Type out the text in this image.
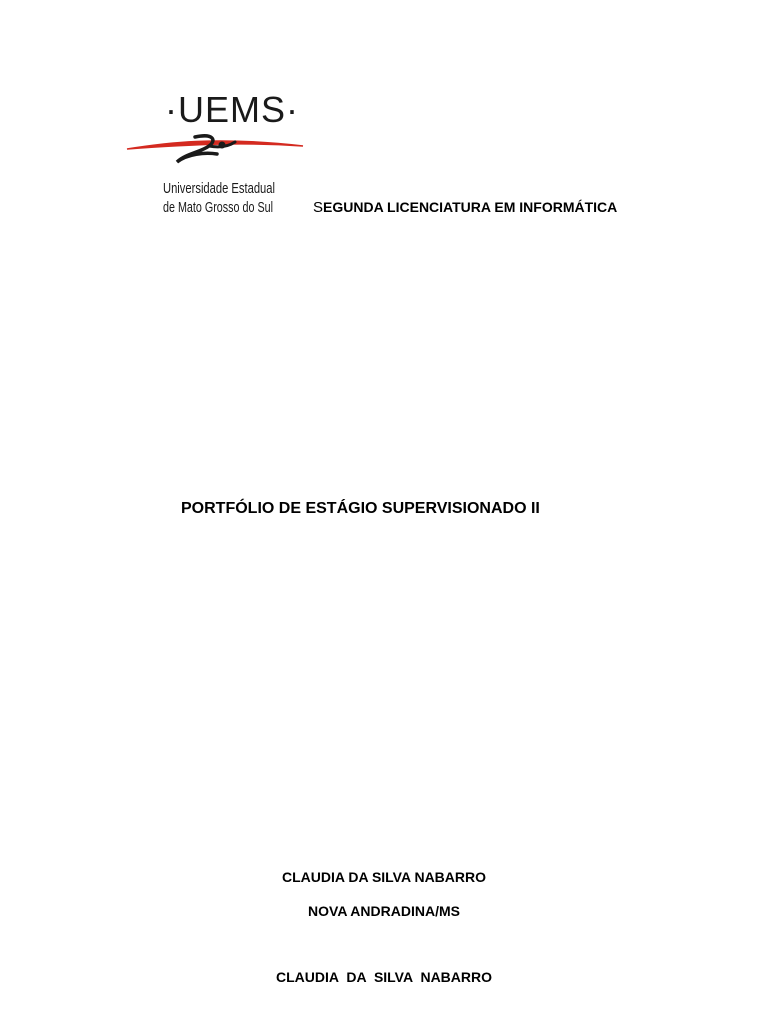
·UEMS·
Universidade Estadual
de Mato Grosso do Sul	SEGUNDA LICENCIATURA EM INFORMÁTICA
PORTFÓLIO DE ESTÁGIO SUPERVISIONADO II
CLAUDIA DA SILVA NABARRO
NOVA ANDRADINA/MS
CLAUDIA DA SILVA NABARRO
